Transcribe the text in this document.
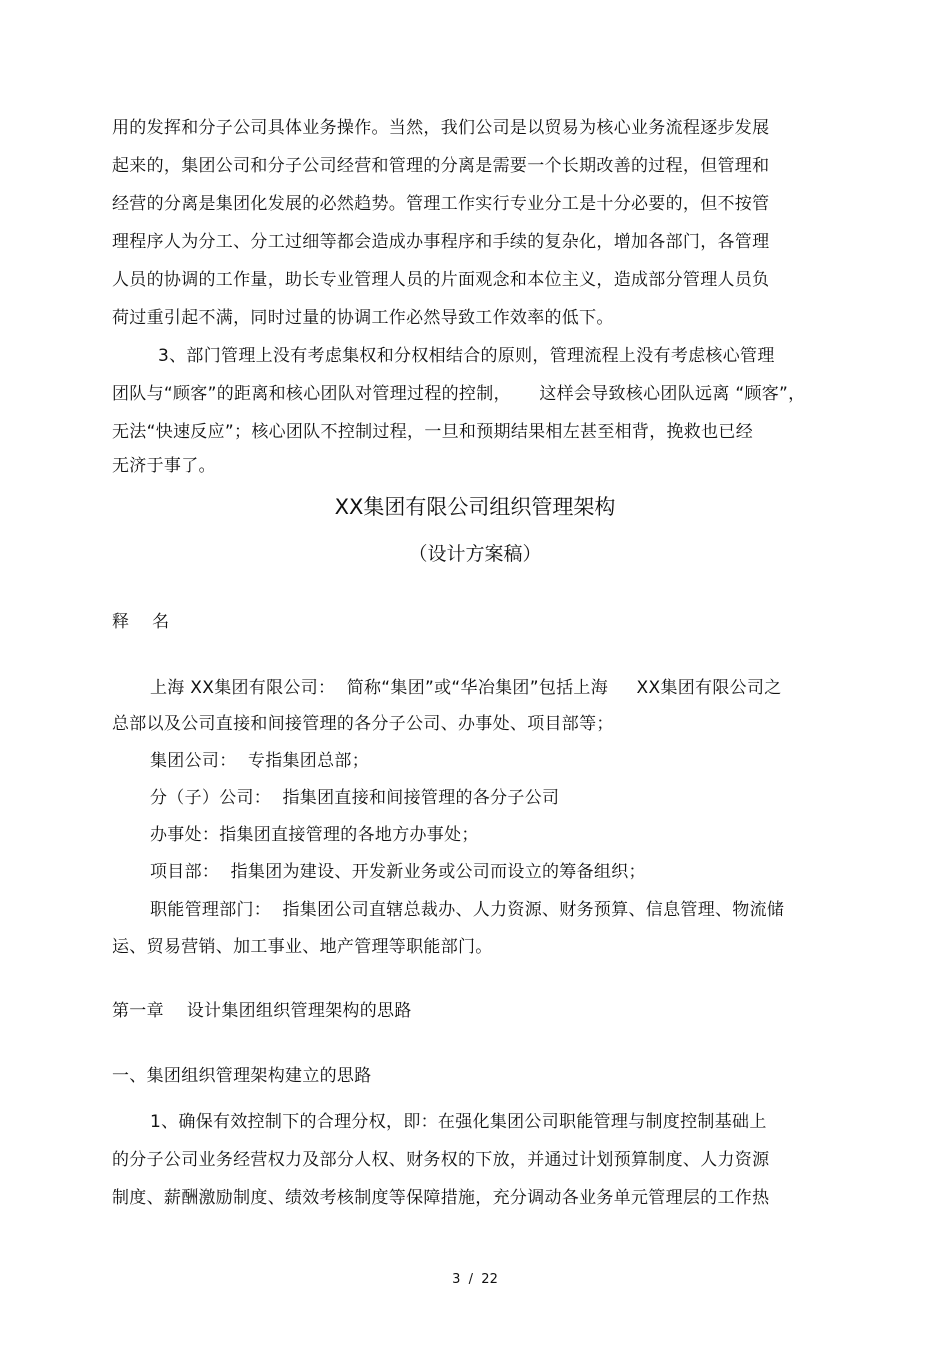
用的发挥和分子公司具体业务操作。当然，我们公司是以贸易为核心业务流程逐步发展
起来的，集团公司和分子公司经营和管理的分离是需要一个长期改善的过程，但管理和
经营的分离是集团化发展的必然趋势。管理工作实行专业分工是十分必要的，但不按管
理程序人为分工、分工过细等都会造成办事程序和手续的复杂化，增加各部门，各管理
人员的协调的工作量，助长专业管理人员的片面观念和本位主义，造成部分管理人员负
荷过重引起不满，同时过量的协调工作必然导致工作效率的低下。
3、部门管理上没有考虑集权和分权相结合的原则，管理流程上没有考虑核心管理
团队与“顾客”的距离和核心团队对管理过程的控制，     这样会导致核心团队远离 “顾客”，
无法“快速反应”；核心团队不控制过程，一旦和预期结果相左甚至相背，挽救也已经
无济于事了。
XX集团有限公司组织管理架构
（设计方案稿）
释    名
上海 XX集团有限公司：  简称“集团”或“华冶集团”包括上海     XX集团有限公司之
总部以及公司直接和间接管理的各分子公司、办事处、项目部等；
集团公司：  专指集团总部；
分（子）公司：  指集团直接和间接管理的各分子公司
办事处：指集团直接管理的各地方办事处；
项目部：  指集团为建设、开发新业务或公司而设立的筹备组织；
职能管理部门：  指集团公司直辖总裁办、人力资源、财务预算、信息管理、物流储
运、贸易营销、加工事业、地产管理等职能部门。
第一章    设计集团组织管理架构的思路
一、集团组织管理架构建立的思路
1、确保有效控制下的合理分权，即：在强化集团公司职能管理与制度控制基础上
的分子公司业务经营权力及部分人权、财务权的下放，并通过计划预算制度、人力资源
制度、薪酬激励制度、绩效考核制度等保障措施，充分调动各业务单元管理层的工作热
3  /  22
